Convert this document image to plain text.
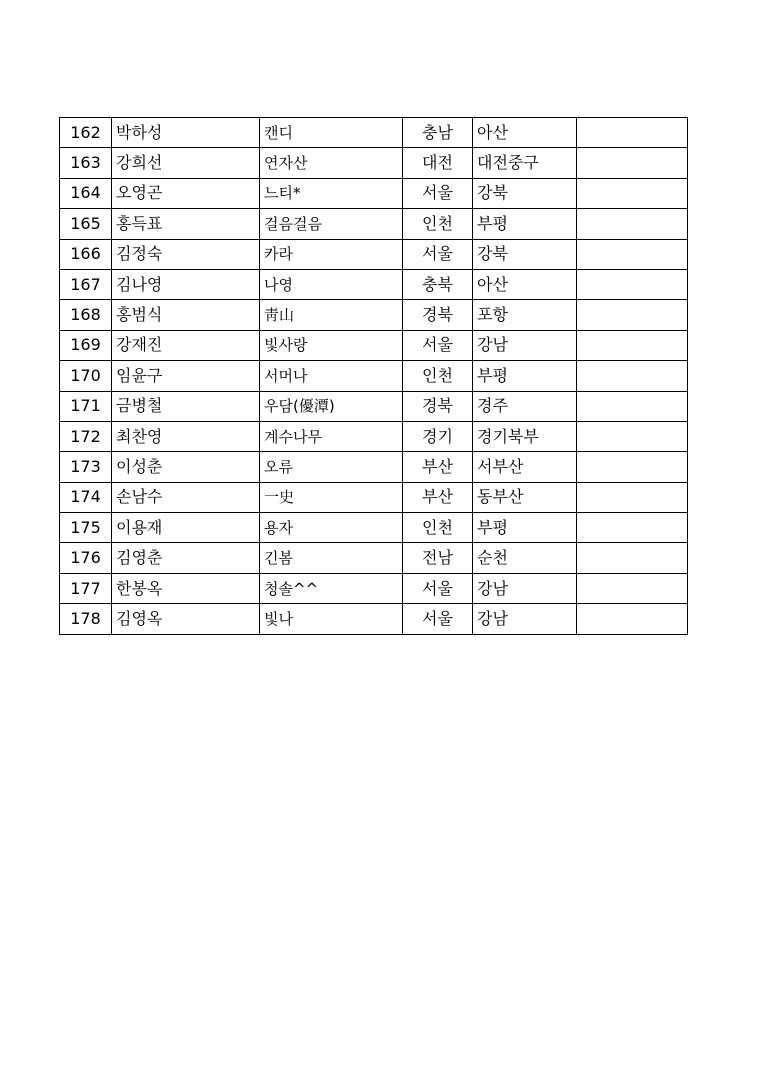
162	박하성	캔디	충남	아산	
163	강희선	연자산	대전	대전중구	
164	오영곤	느티*	서울	강북	
165	홍득표	걸음걸음	인천	부평	
166	김정숙	카라	서울	강북	
167	김나영	나영	충북	아산	
168	홍범식	靑山	경북	포항	
169	강재진	빛사랑	서울	강남	
170	임윤구	서머나	인천	부평	
171	금병철	우담(優潭)	경북	경주	
172	최찬영	계수나무	경기	경기북부	
173	이성춘	오류	부산	서부산	
174	손남수	一史	부산	동부산	
175	이용재	용자	인천	부평	
176	김영춘	긴봄	전남	순천	
177	한봉옥	청솔^^	서울	강남	
178	김영옥	빛나	서울	강남	
